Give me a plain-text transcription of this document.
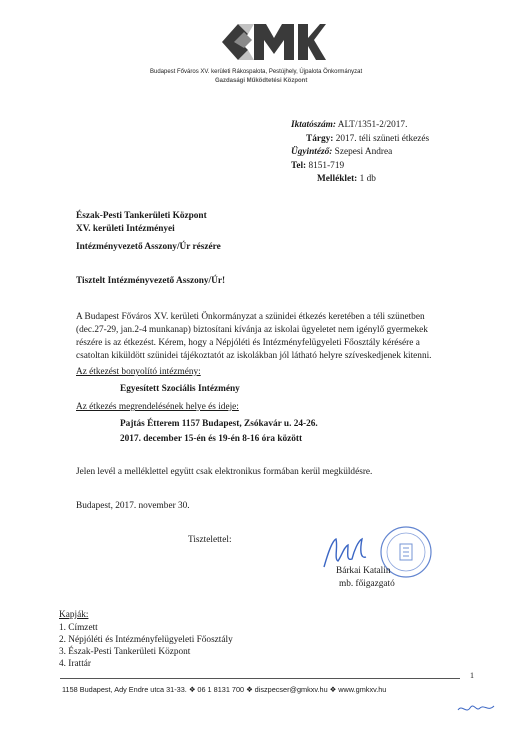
Budapest Főváros XV. kerületi Rákospalota, Pestújhely, Újpalota Önkormányzat
Gazdasági Működtetési Központ
Iktatószám: ALT/1351-2/2017.
Tárgy: 2017. téli szüneti étkezés
Ügyintéző: Szepesi Andrea
Tel: 8151-719
Melléklet: 1 db
Észak-Pesti Tankerületi Központ
XV. kerületi Intézményei
Intézményvezető Asszony/Úr részére
Tisztelt Intézményvezető Asszony/Úr!
A Budapest Főváros XV. kerületi Önkormányzat a szünidei étkezés keretében a téli szünetben
(dec.27-29, jan.2-4 munkanap) biztosítani kívánja az iskolai ügyeletet nem igénylő gyermekek
részére is az étkezést. Kérem, hogy a Népjóléti és Intézményfelügyeleti Főosztály kérésére a
csatoltan kiküldött szünidei tájékoztatót az iskolákban jól látható helyre szíveskedjenek kitenni.
Az étkezést bonyolító intézmény:
Egyesített Szociális Intézmény
Az étkezés megrendelésének helye és ideje:
Pajtás Étterem 1157 Budapest, Zsókavár u. 24-26.
2017. december 15-én és 19-én 8-16 óra között
Jelen levél a melléklettel együtt csak elektronikus formában kerül megküldésre.
Budapest, 2017. november 30.
Tisztelettel:
Bárkai Katalin
mb. főigazgató
Kapják:
1. Címzett
2. Népjóléti és Intézményfelügyeleti Főosztály
3. Észak-Pesti Tankerületi Központ
4. Irattár
1
1158 Budapest, Ady Endre utca 31-33. ❖ 06 1 8131 700 ❖ diszpecser@gmkxv.hu ❖ www.gmkxv.hu
